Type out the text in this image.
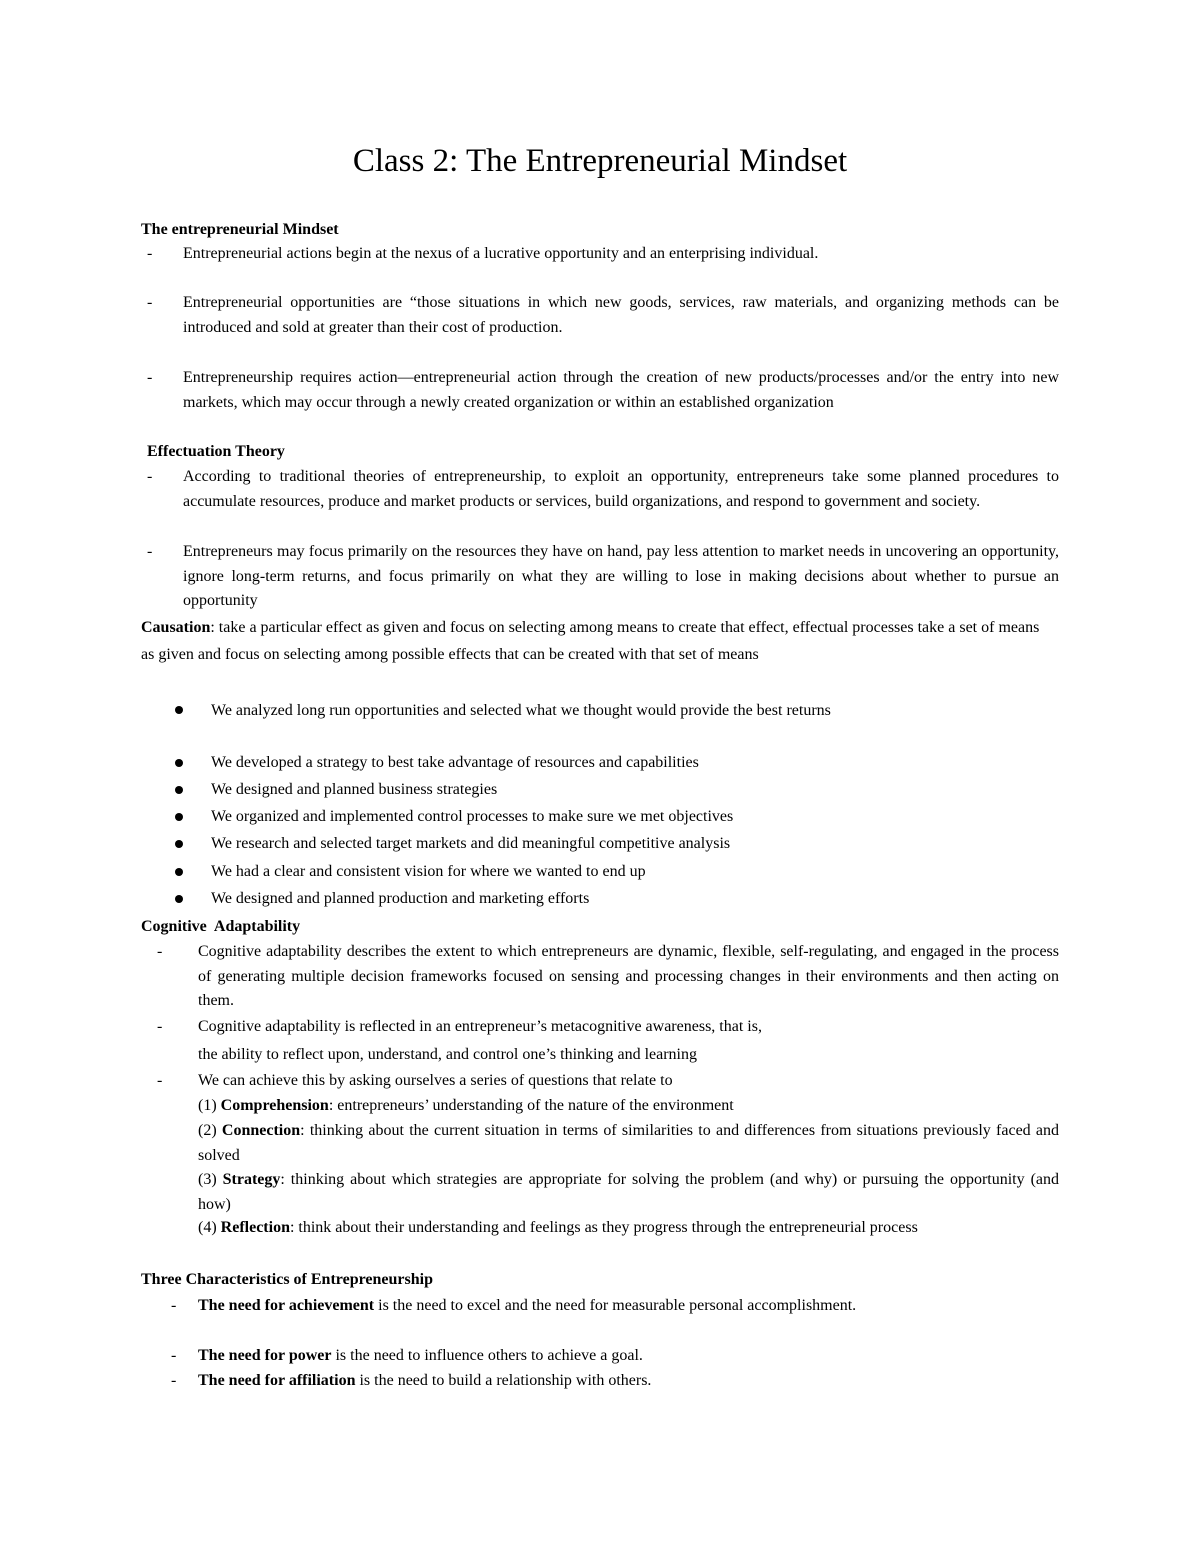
Class 2: The Entrepreneurial Mindset
The entrepreneurial Mindset
- Entrepreneurial actions begin at the nexus of a lucrative opportunity and an enterprising individual.
- Entrepreneurial opportunities are “those situations in which new goods, services, raw materials, and organizing methods can be introduced and sold at greater than their cost of production.
- Entrepreneurship requires action—entrepreneurial action through the creation of new products/processes and/or the entry into new markets, which may occur through a newly created organization or within an established organization
Effectuation Theory
- According to traditional theories of entrepreneurship, to exploit an opportunity, entrepreneurs take some planned procedures to accumulate resources, produce and market products or services, build organizations, and respond to government and society.
- Entrepreneurs may focus primarily on the resources they have on hand, pay less attention to market needs in uncovering an opportunity, ignore long-term returns, and focus primarily on what they are willing to lose in making decisions about whether to pursue an opportunity
Causation: take a particular effect as given and focus on selecting among means to create that effect, effectual processes take a set of means as given and focus on selecting among possible effects that can be created with that set of means
We analyzed long run opportunities and selected what we thought would provide the best returns
We developed a strategy to best take advantage of resources and capabilities
We designed and planned business strategies
We organized and implemented control processes to make sure we met objectives
We research and selected target markets and did meaningful competitive analysis
We had a clear and consistent vision for where we wanted to end up
We designed and planned production and marketing efforts
Cognitive  Adaptability
- Cognitive adaptability describes the extent to which entrepreneurs are dynamic, flexible, self-regulating, and engaged in the process of generating multiple decision frameworks focused on sensing and processing changes in their environments and then acting on them.
- Cognitive adaptability is reflected in an entrepreneur’s metacognitive awareness, that is,
the ability to reflect upon, understand, and control one’s thinking and learning
- We can achieve this by asking ourselves a series of questions that relate to
(1) Comprehension: entrepreneurs’ understanding of the nature of the environment
(2) Connection: thinking about the current situation in terms of similarities to and differences from situations previously faced and solved
(3) Strategy: thinking about which strategies are appropriate for solving the problem (and why) or pursuing the opportunity (and how)
(4) Reflection: think about their understanding and feelings as they progress through the entrepreneurial process
Three Characteristics of Entrepreneurship
- The need for achievement is the need to excel and the need for measurable personal accomplishment.
- The need for power is the need to influence others to achieve a goal.
- The need for affiliation is the need to build a relationship with others.
